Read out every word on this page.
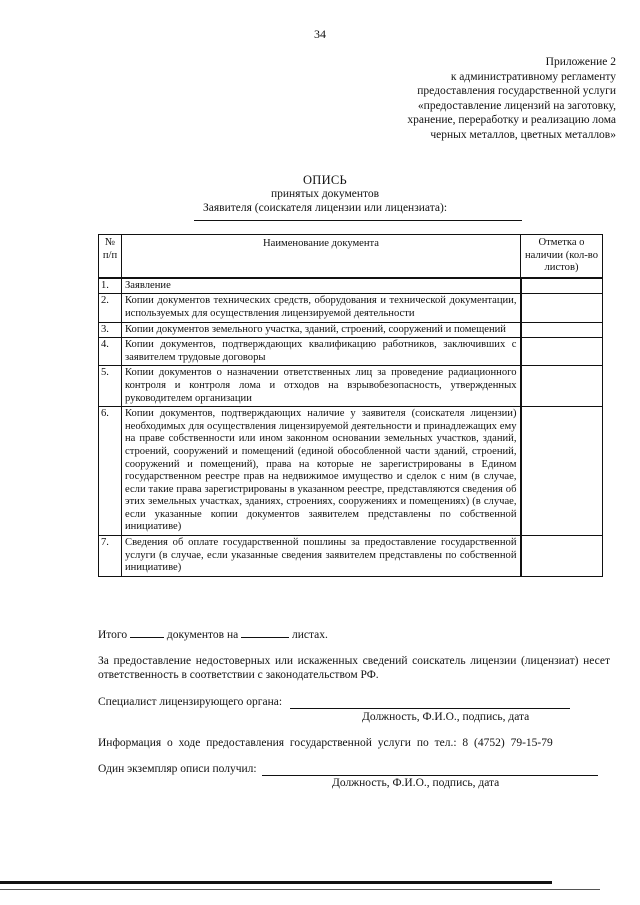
34
Приложение 2
к административному регламенту
предоставления государственной услуги
«предоставление лицензий на заготовку,
хранение, переработку и реализацию лома
черных металлов, цветных металлов»
ОПИСЬ
принятых документов
Заявителя (соискателя лицензии или лицензиата):
№ п/п	Наименование документа	Отметка о наличии (кол-во листов)
1.	Заявление	
2.	Копии документов технических средств, оборудования и технической документации, используемых для осуществления лицензируемой деятельности	
3.	Копии документов земельного участка, зданий, строений, сооружений и помещений	
4.	Копии документов, подтверждающих квалификацию работников, заключивших с заявителем трудовые договоры	
5.	Копии документов о назначении ответственных лиц за проведение радиационного контроля и контроля лома и отходов на взрывобезопасность, утвержденных руководителем организации	
6.	Копии документов, подтверждающих наличие у заявителя (соискателя лицензии) необходимых для осуществления лицензируемой деятельности и принадлежащих ему на праве собственности или ином законном основании земельных участков, зданий, строений, сооружений и помещений (единой обособленной части зданий, строений, сооружений и помещений), права на которые не зарегистрированы в Едином государственном реестре прав на недвижимое имущество и сделок с ним (в случае, если такие права зарегистрированы в указанном реестре, представляются сведения об этих земельных участках, зданиях, строениях, сооружениях и помещениях) (в случае, если указанные копии документов заявителем представлены по собственной инициативе)	
7.	Сведения об оплате государственной пошлины за предоставление государственной услуги (в случае, если указанные сведения заявителем представлены по собственной инициативе)	
Итого	документов на	листах.
За предоставление недостоверных или искаженных сведений соискатель лицензии (лицензиат) несет ответственность в соответствии с законодательством РФ.
Специалист лицензирующего органа:
Должность, Ф.И.О., подпись, дата
Информация о ходе предоставления государственной услуги по тел.: 8 (4752) 79-15-79
Один экземпляр описи получил:
Должность, Ф.И.О., подпись, дата
